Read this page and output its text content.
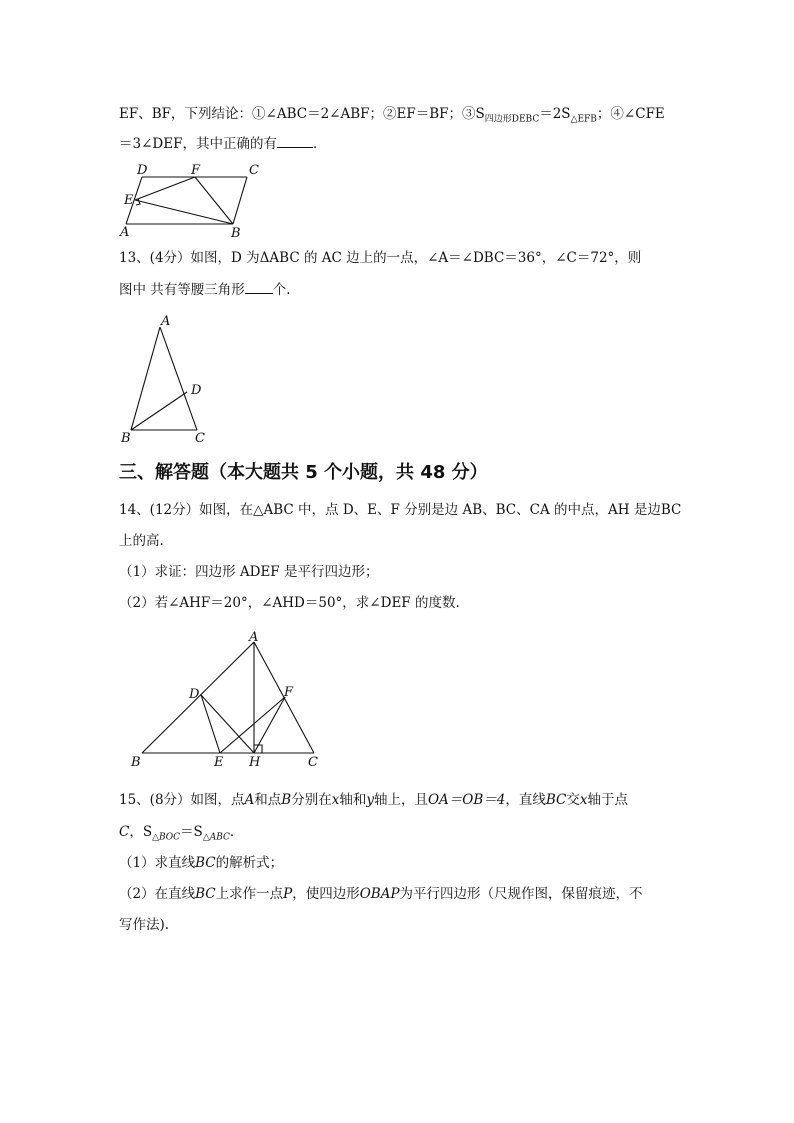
EF、BF，下列结论：①∠ABC＝2∠ABF；②EF＝BF；$③S_{四边形DEBC}=2S_{\triangle EFB}$；④∠CFE
＝3∠DEF，其中正确的有	．
D	F	C
E
A	B
13、(4分）如图，D 为ΔABC 的 AC 边上的一点，∠A＝∠DBC＝36°，∠C＝72°，则
图中 共有等腰三角形 个.
A
D
B	C
三、解答题（本大题共 5 个小题，共 48 分）
14、(12分）如图，在△ABC 中，点 D、E、F 分别是边 AB、BC、CA 的中点，AH 是边BC
上的高.
（1）求证：四边形 ADEF 是平行四边形；
（2）若∠AHF＝20°，∠AHD＝50°，求∠DEF 的度数.
A
D	F
B	E H	C
15、(8分）如图，点A和点B分别在x轴和y轴上，且OA＝OB＝4，直线BC交x轴于点
C，$S_{\triangle BOC}=S_{\triangle ABC}$．
（1）求直线BC的解析式；
（2）在直线BC上求作一点P，使四边形OBAP为平行四边形（尺规作图，保留痕迹，不
写作法).
